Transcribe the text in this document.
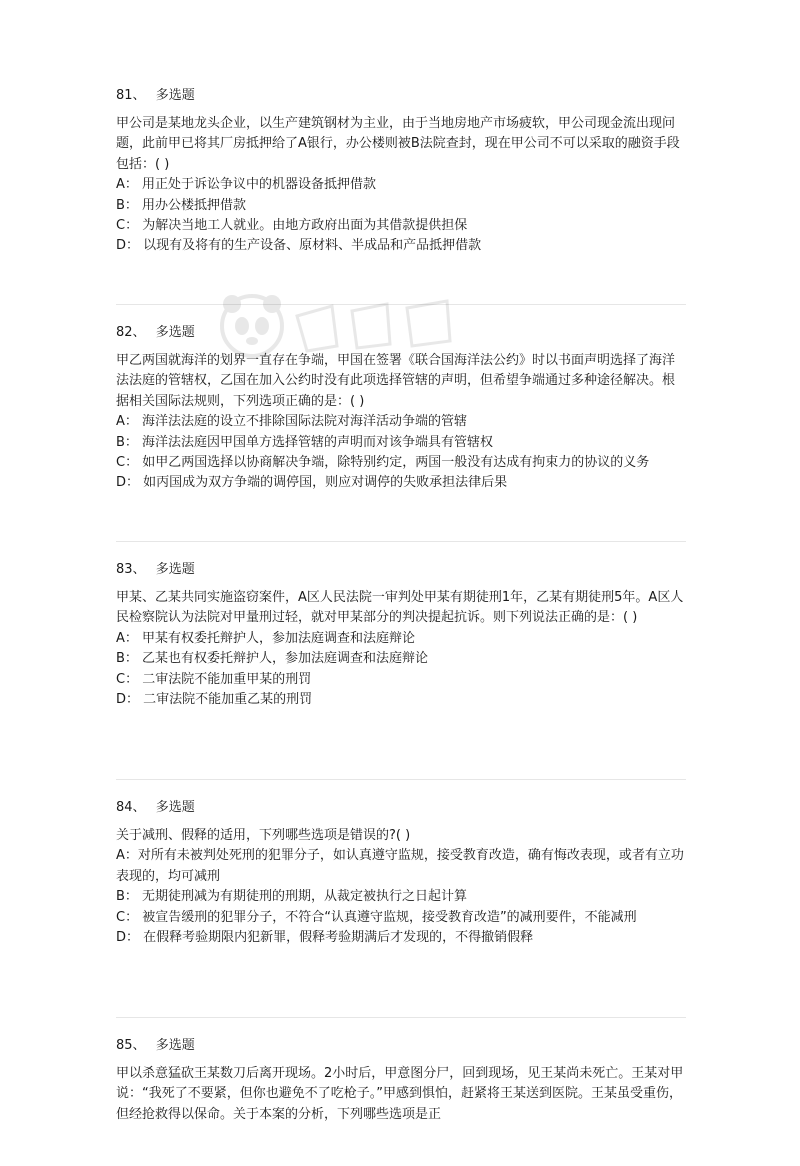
81、 多选题
甲公司是某地龙头企业，以生产建筑钢材为主业，由于当地房地产市场疲软，甲公司现金流出现问题，此前甲已将其厂房抵押给了A银行，办公楼则被B法院查封，现在甲公司不可以采取的融资手段包括：( )
A： 用正处于诉讼争议中的机器设备抵押借款
B： 用办公楼抵押借款
C： 为解决当地工人就业。由地方政府出面为其借款提供担保
D： 以现有及将有的生产设备、原材料、半成品和产品抵押借款
82、 多选题
甲乙两国就海洋的划界一直存在争端，甲国在签署《联合国海洋法公约》时以书面声明选择了海洋法法庭的管辖权，乙国在加入公约时没有此项选择管辖的声明，但希望争端通过多种途径解决。根据相关国际法规则，下列选项正确的是：( )
A： 海洋法法庭的设立不排除国际法院对海洋活动争端的管辖
B： 海洋法法庭因甲国单方选择管辖的声明而对该争端具有管辖权
C： 如甲乙两国选择以协商解决争端，除特别约定，两国一般没有达成有拘束力的协议的义务
D： 如丙国成为双方争端的调停国，则应对调停的失败承担法律后果
83、 多选题
甲某、乙某共同实施盗窃案件，A区人民法院一审判处甲某有期徒刑1年，乙某有期徒刑5年。A区人民检察院认为法院对甲量刑过轻，就对甲某部分的判决提起抗诉。则下列说法正确的是：( )
A： 甲某有权委托辩护人，参加法庭调查和法庭辩论
B： 乙某也有权委托辩护人，参加法庭调查和法庭辩论
C： 二审法院不能加重甲某的刑罚
D： 二审法院不能加重乙某的刑罚
84、 多选题
关于减刑、假释的适用，下列哪些选项是错误的?( )
A：对所有未被判处死刑的犯罪分子，如认真遵守监规，接受教育改造，确有悔改表现，或者有立功表现的，均可减刑
B： 无期徒刑减为有期徒刑的刑期，从裁定被执行之日起计算
C： 被宣告缓刑的犯罪分子，不符合“认真遵守监规，接受教育改造”的减刑要件，不能减刑
D： 在假释考验期限内犯新罪，假释考验期满后才发现的，不得撤销假释
85、 多选题
甲以杀意猛砍王某数刀后离开现场。2小时后，甲意图分尸，回到现场，见王某尚未死亡。王某对甲说：“我死了不要紧，但你也避免不了吃枪子。”甲感到惧怕，赶紧将王某送到医院。王某虽受重伤，但经抢救得以保命。关于本案的分析，下列哪些选项是正
